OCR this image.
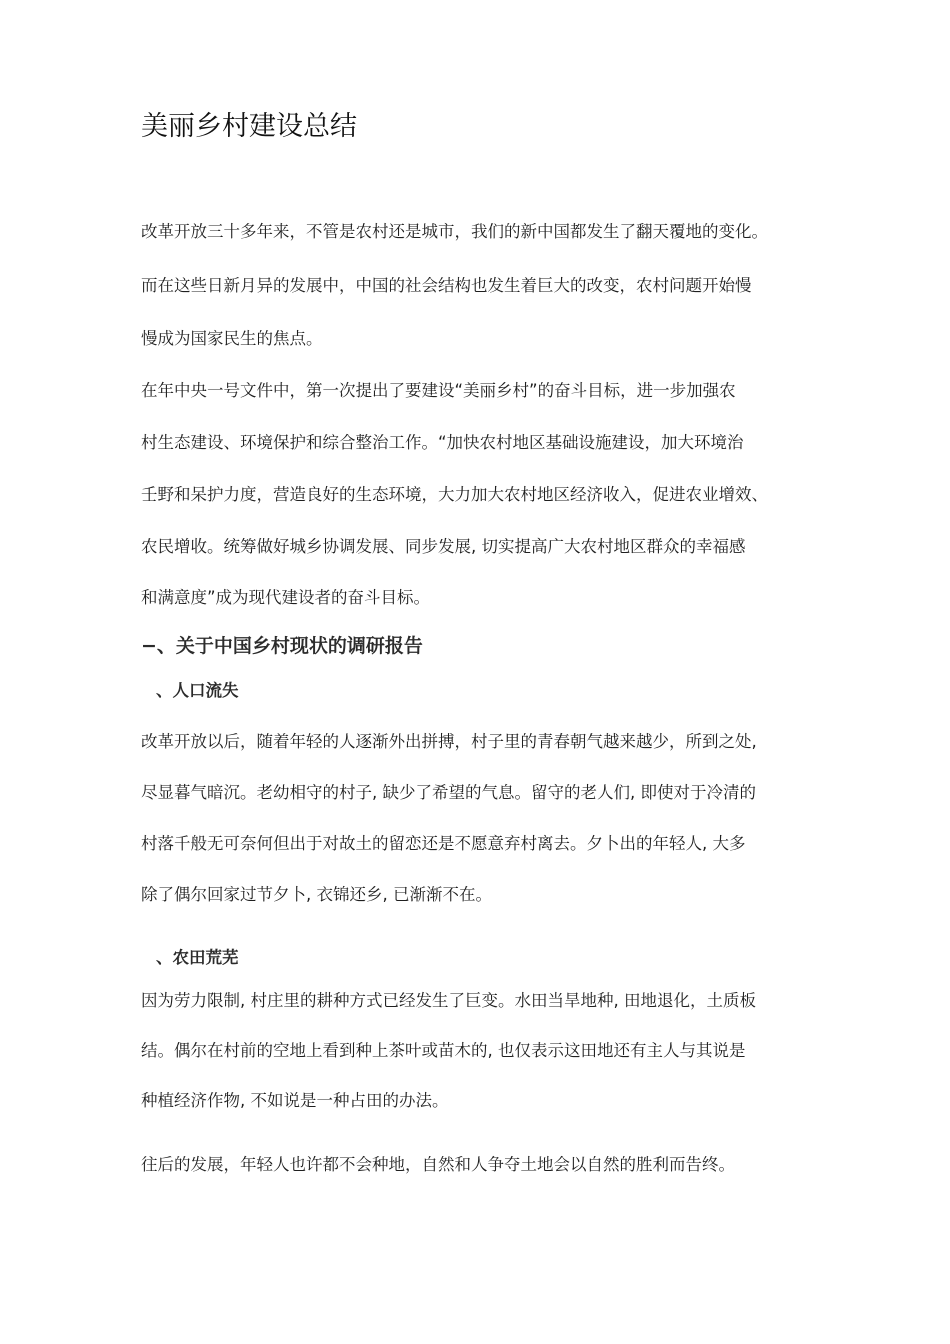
美丽乡村建设总结
改革开放三十多年来，不管是农村还是城市，我们的新中国都发生了翻天覆地的变化。
而在这些日新月异的发展中，中国的社会结构也发生着巨大的改变，农村问题开始慢
慢成为国家民生的焦点。
在年中央一号文件中，第一次提出了要建设“美丽乡村”的奋斗目标，进一步加强农
村生态建设、环境保护和综合整治工作。“加快农村地区基础设施建设，加大环境治
壬野和呆护力度，营造良好的生态环境，大力加大农村地区经济收入，促进农业增效、
农民增收。统筹做好城乡协调发展、同步发展, 切实提高广大农村地区群众的幸福感
和满意度”成为现代建设者的奋斗目标。
−、关于中国乡村现状的调研报告
、人口流失
改革开放以后，随着年轻的人逐渐外出拼搏，村子里的青春朝气越来越少，所到之处,
尽显暮气暗沉。老幼相守的村子, 缺少了希望的气息。留守的老人们, 即使对于冷清的
村落千般无可奈何但出于对故土的留恋还是不愿意弃村离去。夕卜出的年轻人, 大多
除了偶尔回家过节夕卜, 衣锦还乡, 已渐渐不在。
、农田荒芜
因为劳力限制, 村庄里的耕种方式已经发生了巨变。水田当旱地种, 田地退化，土质板
结。偶尔在村前的空地上看到种上茶叶或苗木的, 也仅表示这田地还有主人与其说是
种植经济作物, 不如说是一种占田的办法。
往后的发展，年轻人也许都不会种地，自然和人争夺土地会以自然的胜利而告终。
